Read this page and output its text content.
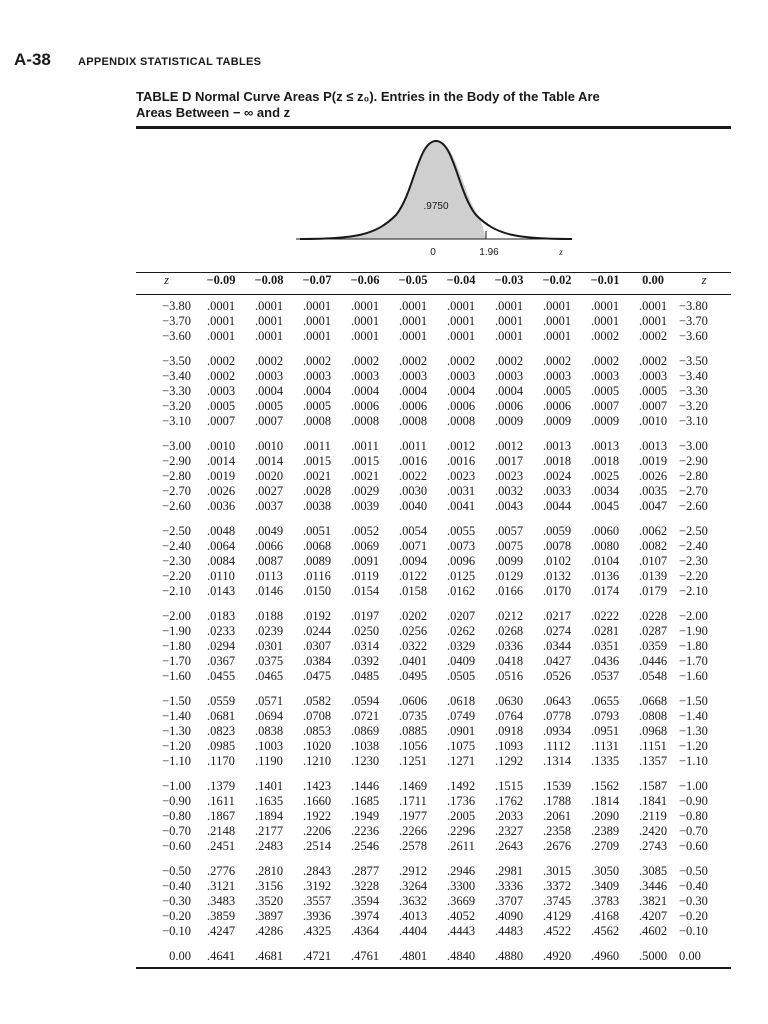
A-38 APPENDIX STATISTICAL TABLES
TABLE D Normal Curve Areas P(z ≤ z₀). Entries in the Body of the Table Are
Areas Between − ∞ and z
.9750
0	1.96	z
z	−0.09	−0.08	−0.07	−0.06	−0.05	−0.04	−0.03	−0.02	−0.01	0.00	z

−3.80	.0001	.0001	.0001	.0001	.0001	.0001	.0001	.0001	.0001	.0001	−3.80
−3.70	.0001	.0001	.0001	.0001	.0001	.0001	.0001	.0001	.0001	.0001	−3.70
−3.60	.0001	.0001	.0001	.0001	.0001	.0001	.0001	.0001	.0002	.0002	−3.60

−3.50	.0002	.0002	.0002	.0002	.0002	.0002	.0002	.0002	.0002	.0002	−3.50
−3.40	.0002	.0003	.0003	.0003	.0003	.0003	.0003	.0003	.0003	.0003	−3.40
−3.30	.0003	.0004	.0004	.0004	.0004	.0004	.0004	.0005	.0005	.0005	−3.30
−3.20	.0005	.0005	.0005	.0006	.0006	.0006	.0006	.0006	.0007	.0007	−3.20
−3.10	.0007	.0007	.0008	.0008	.0008	.0008	.0009	.0009	.0009	.0010	−3.10

−3.00	.0010	.0010	.0011	.0011	.0011	.0012	.0012	.0013	.0013	.0013	−3.00
−2.90	.0014	.0014	.0015	.0015	.0016	.0016	.0017	.0018	.0018	.0019	−2.90
−2.80	.0019	.0020	.0021	.0021	.0022	.0023	.0023	.0024	.0025	.0026	−2.80
−2.70	.0026	.0027	.0028	.0029	.0030	.0031	.0032	.0033	.0034	.0035	−2.70
−2.60	.0036	.0037	.0038	.0039	.0040	.0041	.0043	.0044	.0045	.0047	−2.60

−2.50	.0048	.0049	.0051	.0052	.0054	.0055	.0057	.0059	.0060	.0062	−2.50
−2.40	.0064	.0066	.0068	.0069	.0071	.0073	.0075	.0078	.0080	.0082	−2.40
−2.30	.0084	.0087	.0089	.0091	.0094	.0096	.0099	.0102	.0104	.0107	−2.30
−2.20	.0110	.0113	.0116	.0119	.0122	.0125	.0129	.0132	.0136	.0139	−2.20
−2.10	.0143	.0146	.0150	.0154	.0158	.0162	.0166	.0170	.0174	.0179	−2.10

−2.00	.0183	.0188	.0192	.0197	.0202	.0207	.0212	.0217	.0222	.0228	−2.00
−1.90	.0233	.0239	.0244	.0250	.0256	.0262	.0268	.0274	.0281	.0287	−1.90
−1.80	.0294	.0301	.0307	.0314	.0322	.0329	.0336	.0344	.0351	.0359	−1.80
−1.70	.0367	.0375	.0384	.0392	.0401	.0409	.0418	.0427	.0436	.0446	−1.70
−1.60	.0455	.0465	.0475	.0485	.0495	.0505	.0516	.0526	.0537	.0548	−1.60

−1.50	.0559	.0571	.0582	.0594	.0606	.0618	.0630	.0643	.0655	.0668	−1.50
−1.40	.0681	.0694	.0708	.0721	.0735	.0749	.0764	.0778	.0793	.0808	−1.40
−1.30	.0823	.0838	.0853	.0869	.0885	.0901	.0918	.0934	.0951	.0968	−1.30
−1.20	.0985	.1003	.1020	.1038	.1056	.1075	.1093	.1112	.1131	.1151	−1.20
−1.10	.1170	.1190	.1210	.1230	.1251	.1271	.1292	.1314	.1335	.1357	−1.10

−1.00	.1379	.1401	.1423	.1446	.1469	.1492	.1515	.1539	.1562	.1587	−1.00
−0.90	.1611	.1635	.1660	.1685	.1711	.1736	.1762	.1788	.1814	.1841	−0.90
−0.80	.1867	.1894	.1922	.1949	.1977	.2005	.2033	.2061	.2090	.2119	−0.80
−0.70	.2148	.2177	.2206	.2236	.2266	.2296	.2327	.2358	.2389	.2420	−0.70
−0.60	.2451	.2483	.2514	.2546	.2578	.2611	.2643	.2676	.2709	.2743	−0.60

−0.50	.2776	.2810	.2843	.2877	.2912	.2946	.2981	.3015	.3050	.3085	−0.50
−0.40	.3121	.3156	.3192	.3228	.3264	.3300	.3336	.3372	.3409	.3446	−0.40
−0.30	.3483	.3520	.3557	.3594	.3632	.3669	.3707	.3745	.3783	.3821	−0.30
−0.20	.3859	.3897	.3936	.3974	.4013	.4052	.4090	.4129	.4168	.4207	−0.20
−0.10	.4247	.4286	.4325	.4364	.4404	.4443	.4483	.4522	.4562	.4602	−0.10

0.00	.4641	.4681	.4721	.4761	.4801	.4840	.4880	.4920	.4960	.5000	0.00
